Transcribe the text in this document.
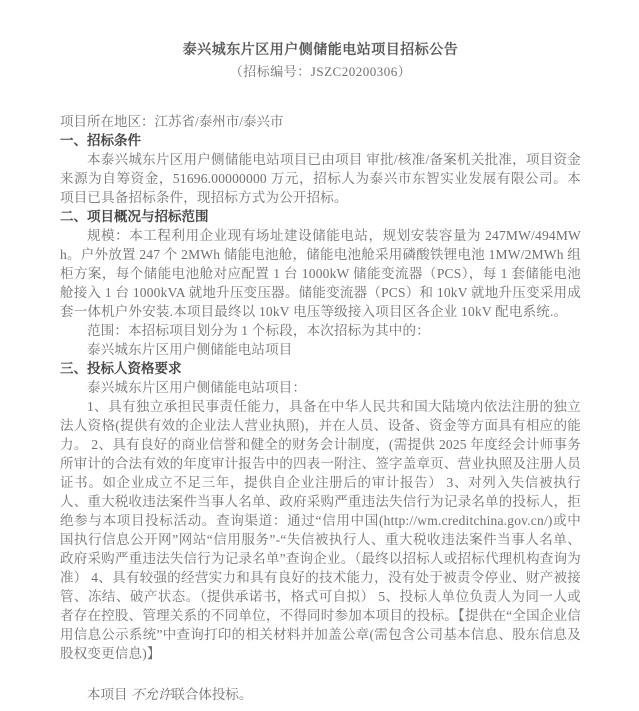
泰兴城东片区用户侧储能电站项目招标公告

（招标编号：JSZC20200306）

项目所在地区：江苏省/泰州市/泰兴市

一、招标条件

本泰兴城东片区用户侧储能电站项目已由项目 审批/核准/备案机关批准，项目资金来源为自筹资金，51696.00000000 万元，招标人为泰兴市东智实业发展有限公司。本项目已具备招标条件，现招标方式为公开招标。

二、项目概况与招标范围

规模：本工程利用企业现有场址建设储能电站，规划安装容量为 247MW/494MWh。户外放置 247 个 2MWh 储能电池舱，储能电池舱采用磷酸铁锂电池 1MW/2MWh 组柜方案，每个储能电池舱对应配置 1 台 1000kW 储能变流器（PCS），每 1 套储能电池舱接入 1 台 1000kVA 就地升压变压器。储能变流器（PCS）和 10kV 就地升压变采用成套一体机户外安装.本项目最终以 10kV 电压等级接入项目区各企业 10kV 配电系统.。

范围：本招标项目划分为 1 个标段，本次招标为其中的：

泰兴城东片区用户侧储能电站项目

三、投标人资格要求

泰兴城东片区用户侧储能电站项目：

1、具有独立承担民事责任能力，具备在中华人民共和国大陆境内依法注册的独立法人资格(提供有效的企业法人营业执照)，并在人员、设备、资金等方面具有相应的能力。 2、具有良好的商业信誉和健全的财务会计制度，(需提供 2025 年度经会计师事务所审计的合法有效的年度审计报告中的四表一附注、签字盖章页、营业执照及注册人员证书。如企业成立不足三年，提供自企业注册后的审计报告） 3、对列入失信被执行人、重大税收违法案件当事人名单、政府采购严重违法失信行为记录名单的投标人，拒绝参与本项目投标活动。查询渠道：通过“信用中国(http://wm.creditchina.gov.cn/)或中国执行信息公开网”网站“信用服务”-“失信被执行人、重大税收违法案件当事人名单、政府采购严重违法失信行为记录名单”查询企业。（最终以招标人或招标代理机构查询为准） 4、具有较强的经营实力和具有良好的技术能力，没有处于被责令停业、财产被接管、冻结、破产状态。（提供承诺书，格式可自拟） 5、投标人单位负责人为同一人或者存在控股、管理关系的不同单位，不得同时参加本项目的投标。【提供在“全国企业信用信息公示系统”中查询打印的相关材料并加盖公章(需包含公司基本信息、股东信息及股权变更信息)】

本项目 不允许联合体投标。
